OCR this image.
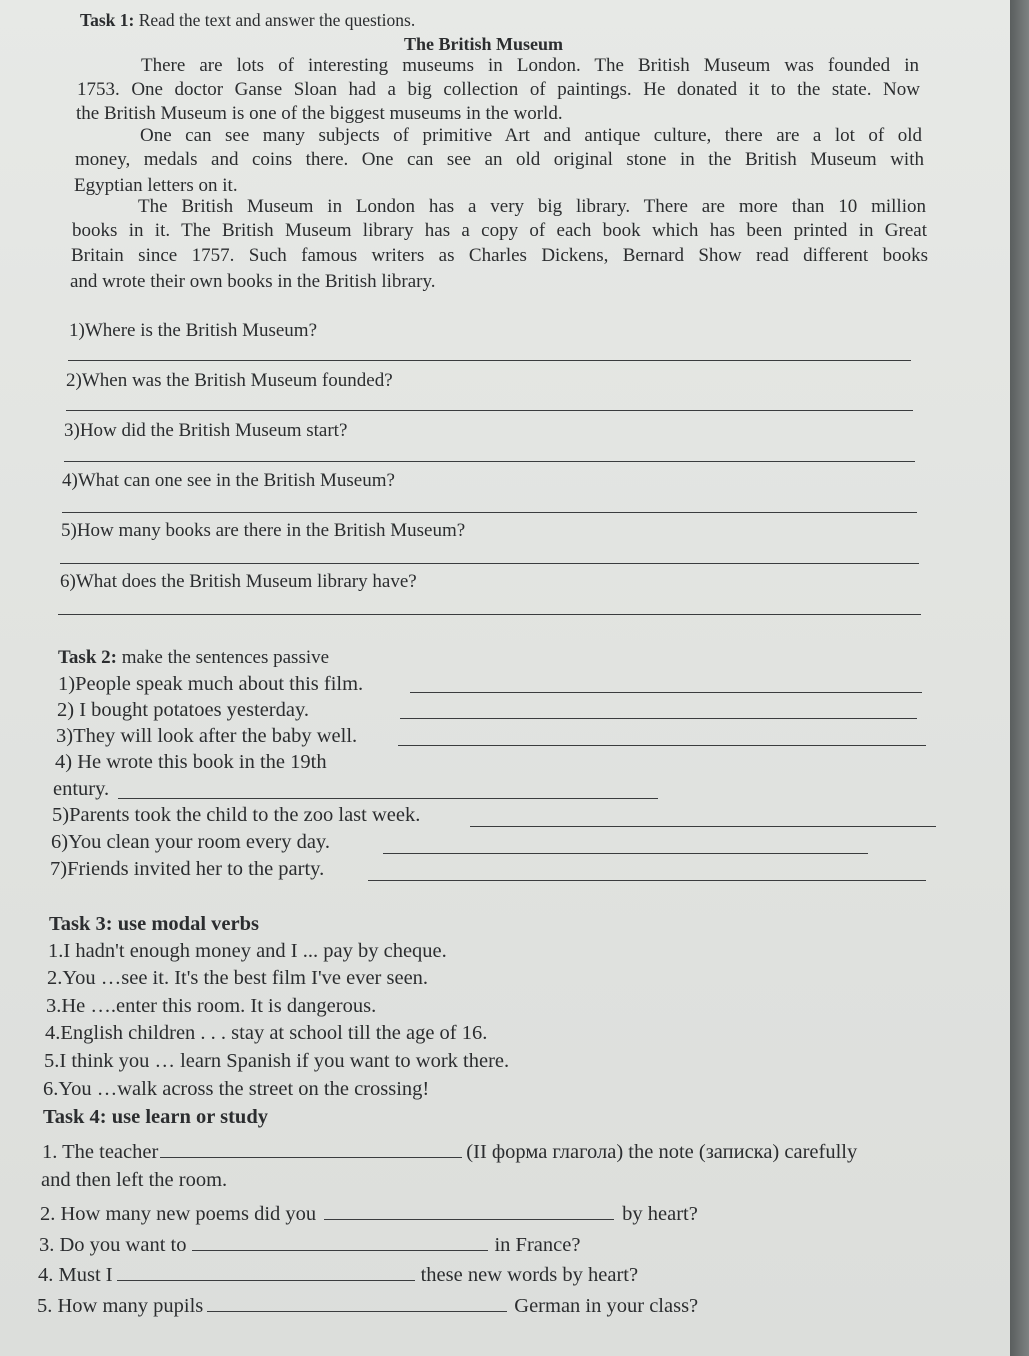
Task 1: Read the text and answer the questions.
The British Museum
There are lots of interesting museums in London. The British Museum was founded in
1753. One doctor Ganse Sloan had a big collection of paintings. He donated it to the state. Now
the British Museum is one of the biggest museums in the world.
One can see many subjects of primitive Art and antique culture, there are a lot of old
money, medals and coins there. One can see an old original stone in the British Museum with
Egyptian letters on it.
The British Museum in London has a very big library. There are more than 10 million
books in it. The British Museum library has a copy of each book which has been printed in Great
Britain since 1757. Such famous writers as Charles Dickens, Bernard Show read different books
and wrote their own books in the British library.
1)Where is the British Museum?
2)When was the British Museum founded?
3)How did the British Museum start?
4)What can one see in the British Museum?
5)How many books are there in the British Museum?
6)What does the British Museum library have?
Task 2: make the sentences passive
1)People speak much about this film.
2) I bought potatoes yesterday.
3)They will look after the baby well.
4) He wrote this book in the 19th
entury.
5)Parents took the child to the zoo last week.
6)You clean your room every day.
7)Friends invited her to the party.
Task 3: use modal verbs
1.I hadn't enough money and I ... pay by cheque.
2.You …see it. It's the best film I've ever seen.
3.He ….enter this room. It is dangerous.
4.English children . . . stay at school till the age of 16.
5.I think you … learn Spanish if you want to work there.
6.You …walk across the street on the crossing!
Task 4: use learn or study
1. The teacher	(II форма глагола) the note (записка) carefully
and then left the room.
2. How many new poems did you	by heart?
3. Do you want to	in France?
4. Must I	these new words by heart?
5. How many pupils	German in your class?
